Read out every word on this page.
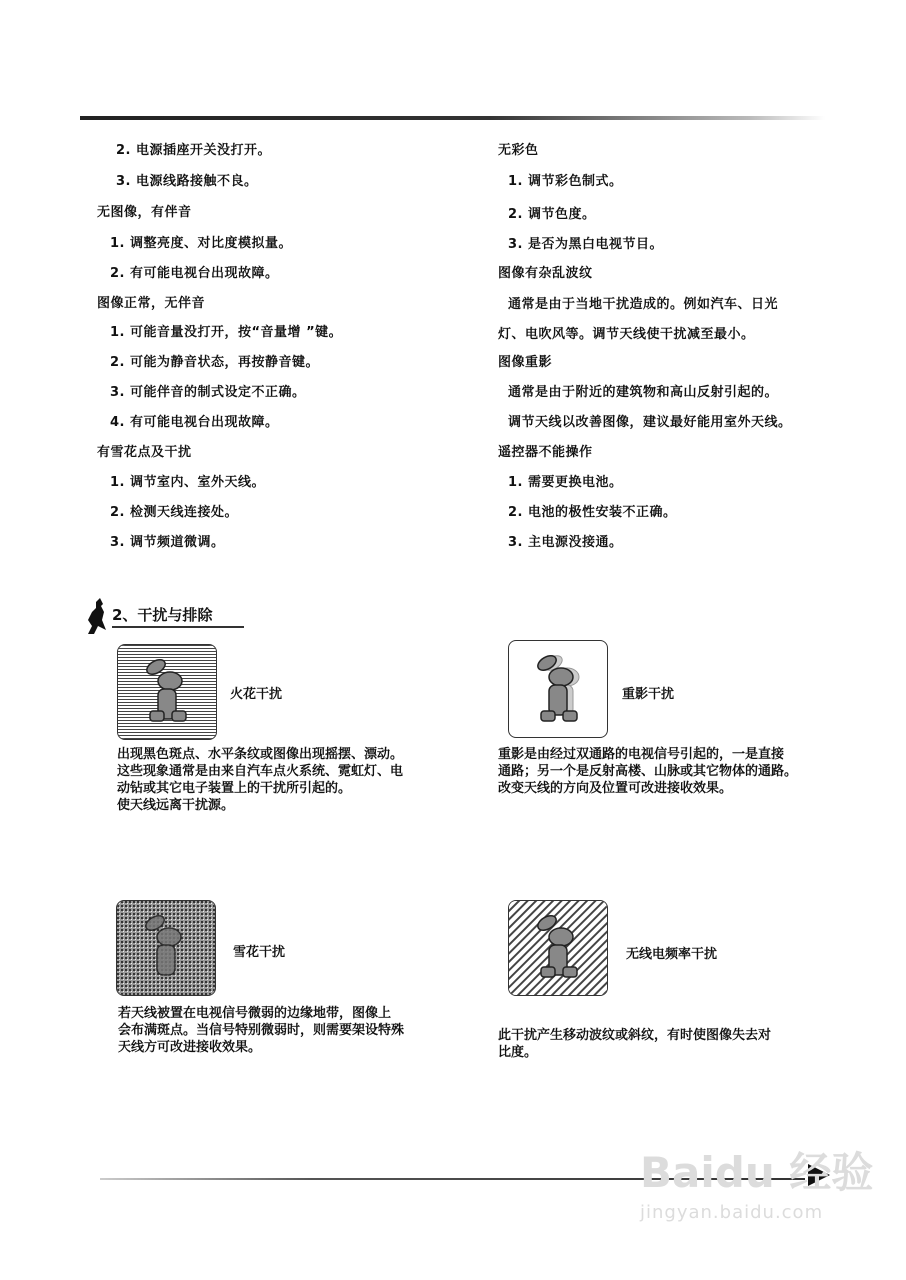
2. 电源插座开关没打开。
3. 电源线路接触不良。
无图像，有伴音
1. 调整亮度、对比度模拟量。
2. 有可能电视台出现故障。
图像正常，无伴音
1. 可能音量没打开，按“音量增 ”键。
2. 可能为静音状态，再按静音键。
3. 可能伴音的制式设定不正确。
4. 有可能电视台出现故障。
有雪花点及干扰
1. 调节室内、室外天线。
2. 检测天线连接处。
3. 调节频道微调。
无彩色
1. 调节彩色制式。
2. 调节色度。
3. 是否为黑白电视节目。
图像有杂乱波纹
通常是由于当地干扰造成的。例如汽车、日光
灯、电吹风等。调节天线使干扰减至最小。
图像重影
通常是由于附近的建筑物和高山反射引起的。
调节天线以改善图像，建议最好能用室外天线。
遥控器不能操作
1. 需要更换电池。
2. 电池的极性安装不正确。
3. 主电源没接通。
2、干扰与排除
火花干扰
出现黑色斑点、水平条纹或图像出现摇摆、漂动。
这些现象通常是由来自汽车点火系统、霓虹灯、电
动钻或其它电子装置上的干扰所引起的。
使天线远离干扰源。
重影干扰
重影是由经过双通路的电视信号引起的，一是直接
通路；另一个是反射高楼、山脉或其它物体的通路。
改变天线的方向及位置可改进接收效果。
雪花干扰
若天线被置在电视信号微弱的边缘地带，图像上
会布满斑点。当信号特别微弱时，则需要架设特殊
天线方可改进接收效果。
无线电频率干扰
此干扰产生移动波纹或斜纹，有时使图像失去对
比度。
Baidu 经验
jingyan.baidu.com
